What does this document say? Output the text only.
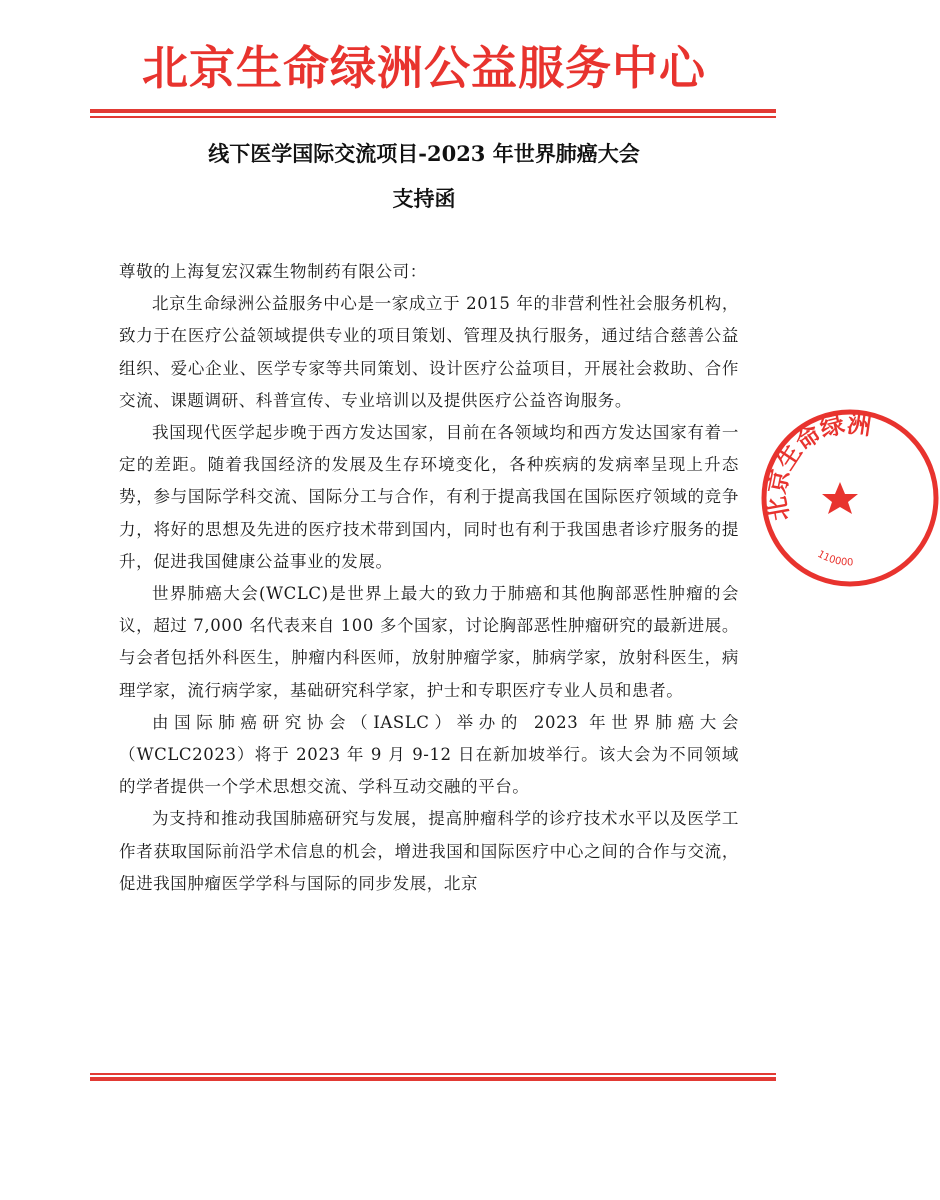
北京生命绿洲公益服务中心
线下医学国际交流项目-2023 年世界肺癌大会
支持函

尊敬的上海复宏汉霖生物制药有限公司：

北京生命绿洲公益服务中心是一家成立于 2015 年的非营利性社会服务机构，致力于在医疗公益领域提供专业的项目策划、管理及执行服务，通过结合慈善公益组织、爱心企业、医学专家等共同策划、设计医疗公益项目，开展社会救助、合作交流、课题调研、科普宣传、专业培训以及提供医疗公益咨询服务。

我国现代医学起步晚于西方发达国家，目前在各领域均和西方发达国家有着一定的差距。随着我国经济的发展及生存环境变化，各种疾病的发病率呈现上升态势，参与国际学科交流、国际分工与合作，有利于提高我国在国际医疗领域的竞争力，将好的思想及先进的医疗技术带到国内，同时也有利于我国患者诊疗服务的提升，促进我国健康公益事业的发展。

世界肺癌大会(WCLC)是世界上最大的致力于肺癌和其他胸部恶性肿瘤的会议，超过 7,000 名代表来自 100 多个国家，讨论胸部恶性肿瘤研究的最新进展。与会者包括外科医生，肿瘤内科医师，放射肿瘤学家，肺病学家，放射科医生，病理学家，流行病学家，基础研究科学家，护士和专职医疗专业人员和患者。

由国际肺癌研究协会（IASLC）举办的 2023 年世界肺癌大会（WCLC2023）将于 2023 年 9 月 9-12 日在新加坡举行。该大会为不同领域的学者提供一个学术思想交流、学科互动交融的平台。

为支持和推动我国肺癌研究与发展，提高肿瘤科学的诊疗技术水平以及医学工作者获取国际前沿学术信息的机会，增进我国和国际医疗中心之间的合作与交流，促进我国肿瘤医学学科与国际的同步发展，北京

北京生命绿洲
110000
